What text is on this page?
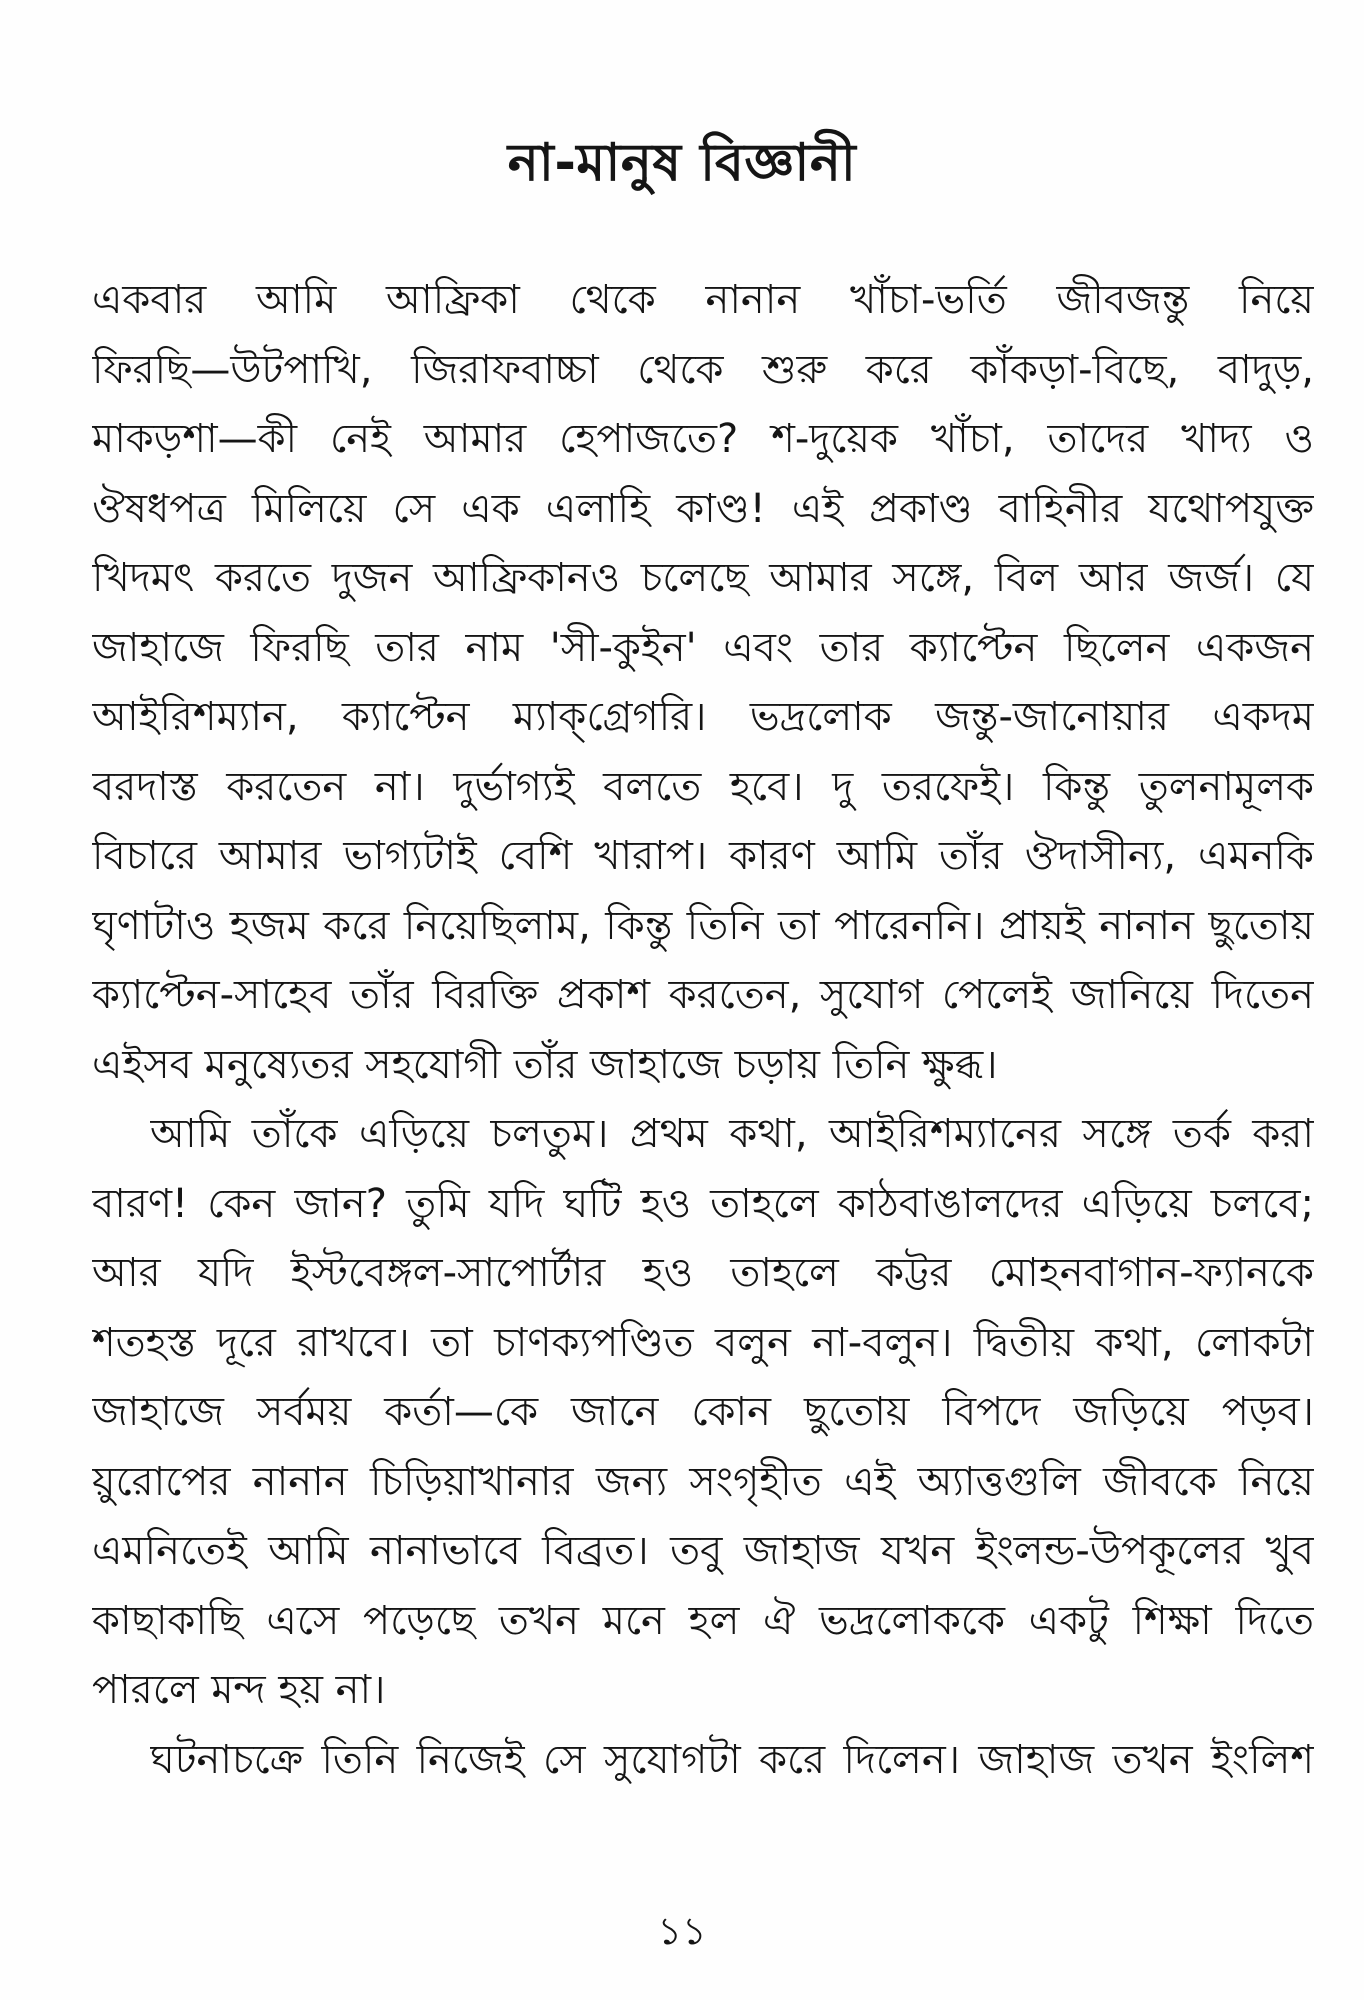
না-মানুষ বিজ্ঞানী
একবার আমি আফ্রিকা থেকে নানান খাঁচা-ভর্তি জীবজন্তু নিয়ে
ফিরছি—উটপাখি, জিরাফবাচ্চা থেকে শুরু করে কাঁকড়া-বিছে, বাদুড়,
মাকড়শা—কী নেই আমার হেপাজতে? শ-দুয়েক খাঁচা, তাদের খাদ্য ও
ঔষধপত্র মিলিয়ে সে এক এলাহি কাণ্ড! এই প্রকাণ্ড বাহিনীর যথোপযুক্ত
খিদমৎ করতে দুজন আফ্রিকানও চলেছে আমার সঙ্গে, বিল আর জর্জ। যে
জাহাজে ফিরছি তার নাম 'সী-কুইন' এবং তার ক্যাপ্টেন ছিলেন একজন
আইরিশম্যান, ক্যাপ্টেন ম্যাক্‌গ্রেগরি। ভদ্রলোক জন্তু-জানোয়ার একদম
বরদাস্ত করতেন না। দুর্ভাগ্যই বলতে হবে। দু তরফেই। কিন্তু তুলনামূলক
বিচারে আমার ভাগ্যটাই বেশি খারাপ। কারণ আমি তাঁর ঔদাসীন্য, এমনকি
ঘৃণাটাও হজম করে নিয়েছিলাম, কিন্তু তিনি তা পারেননি। প্রায়ই নানান ছুতোয়
ক্যাপ্টেন-সাহেব তাঁর বিরক্তি প্রকাশ করতেন, সুযোগ পেলেই জানিয়ে দিতেন
এইসব মনুষ্যেতর সহযোগী তাঁর জাহাজে চড়ায় তিনি ক্ষুব্ধ।
আমি তাঁকে এড়িয়ে চলতুম। প্রথম কথা, আইরিশম্যানের সঙ্গে তর্ক করা
বারণ! কেন জান? তুমি যদি ঘটি হও তাহলে কাঠবাঙালদের এড়িয়ে চলবে;
আর যদি ইস্টবেঙ্গল-সাপোর্টার হও তাহলে কট্টর মোহনবাগান-ফ্যানকে
শতহস্ত দূরে রাখবে। তা চাণক্যপণ্ডিত বলুন না-বলুন। দ্বিতীয় কথা, লোকটা
জাহাজে সর্বময় কর্তা—কে জানে কোন ছুতোয় বিপদে জড়িয়ে পড়ব।
য়ুরোপের নানান চিড়িয়াখানার জন্য সংগৃহীত এই অ্যাত্তগুলি জীবকে নিয়ে
এমনিতেই আমি নানাভাবে বিব্রত। তবু জাহাজ যখন ইংলন্ড-উপকূলের খুব
কাছাকাছি এসে পড়েছে তখন মনে হল ঐ ভদ্রলোককে একটু শিক্ষা দিতে
পারলে মন্দ হয় না।
ঘটনাচক্রে তিনি নিজেই সে সুযোগটা করে দিলেন। জাহাজ তখন ইংলিশ
১১
